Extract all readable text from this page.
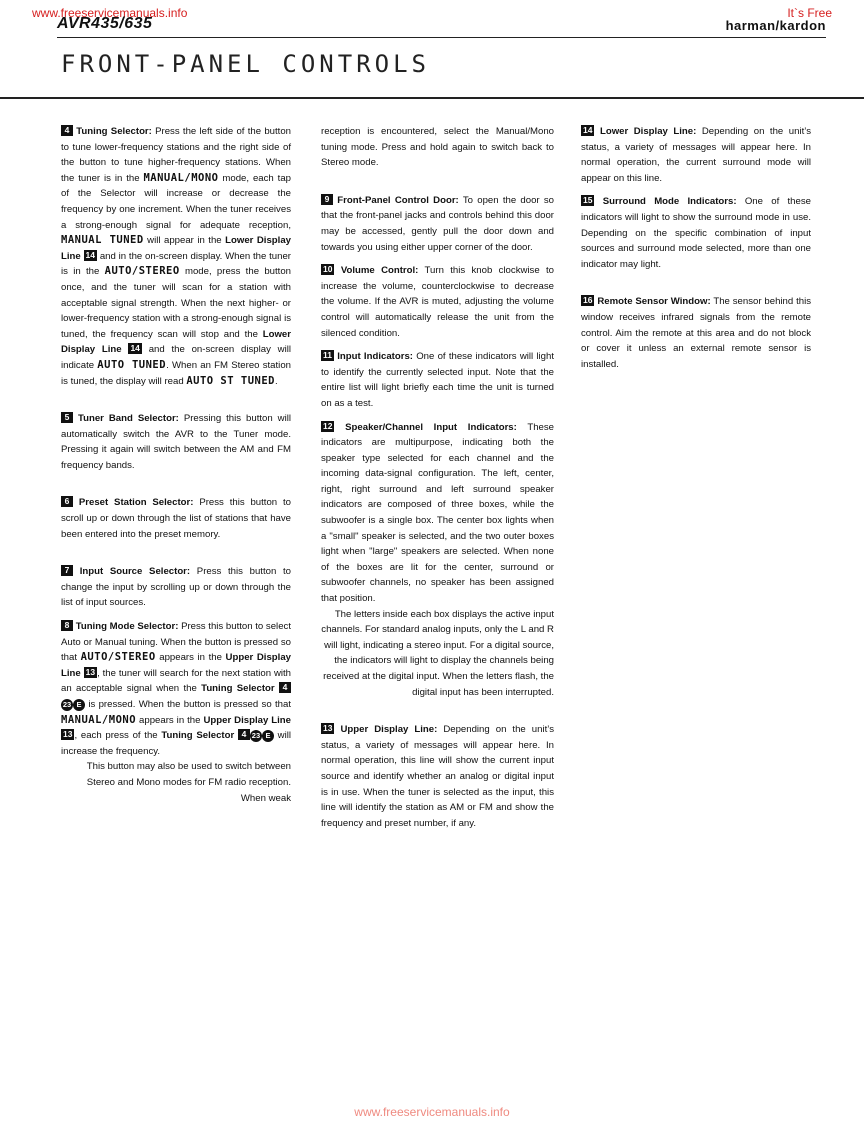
www.freeservicemanuals.info	It`s Free
AVR435/635	harman/kardon
FRONT-PANEL CONTROLS

4 Tuning Selector: Press the left side of the button to tune lower-frequency stations and the right side of the button to tune higher-frequency stations. When the tuner is in the MANUAL/MONO mode, each tap of the Selector will increase or decrease the frequency by one increment. When the tuner receives a strong-enough signal for adequate reception, MANUAL TUNED will appear in the Lower Display Line 14 and in the on-screen display. When the tuner is in the AUTO/STEREO mode, press the button once, and the tuner will scan for a station with acceptable signal strength. When the next higher- or lower-frequency station with a strong-enough signal is tuned, the frequency scan will stop and the Lower Display Line 14 and the on-screen display will indicate AUTO TUNED. When an FM Stereo station is tuned, the display will read AUTO ST TUNED.

5 Tuner Band Selector: Pressing this button will automatically switch the AVR to the Tuner mode. Pressing it again will switch between the AM and FM frequency bands.

6 Preset Station Selector: Press this button to scroll up or down through the list of stations that have been entered into the preset memory.

7 Input Source Selector: Press this button to change the input by scrolling up or down through the list of input sources.

8 Tuning Mode Selector: Press this button to select Auto or Manual tuning. When the button is pressed so that AUTO/STEREO appears in the Upper Display Line 13 , the tuner will search for the next station with an acceptable signal when the Tuning Selector 423 E is pressed. When the button is pressed so that MANUAL/MONO appears in the Upper Display Line 13 , each press of the Tuning Selector 4 23 E will increase the frequency.
This button may also be used to switch between Stereo and Mono modes for FM radio reception. When weak

reception is encountered, select the Manual/Mono tuning mode. Press and hold again to switch back to Stereo mode.

9 Front-Panel Control Door: To open the door so that the front-panel jacks and controls behind this door may be accessed, gently pull the door down and towards you using either upper corner of the door.

10 Volume Control: Turn this knob clockwise to increase the volume, counterclockwise to decrease the volume. If the AVR is muted, adjusting the volume control will automatically release the unit from the silenced condition.

11 Input Indicators: One of these indicators will light to identify the currently selected input. Note that the entire list will light briefly each time the unit is turned on as a test.

12 Speaker/Channel Input Indicators: These indicators are multipurpose, indicating both the speaker type selected for each channel and the incoming data-signal configuration. The left, center, right, right surround and left surround speaker indicators are composed of three boxes, while the subwoofer is a single box. The center box lights when a "small" speaker is selected, and the two outer boxes light when "large" speakers are selected. When none of the boxes are lit for the center, surround or subwoofer channels, no speaker has been assigned that position.
The letters inside each box displays the active input channels. For standard analog inputs, only the L and R will light, indicating a stereo input. For a digital source, the indicators will light to display the channels being received at the digital input. When the letters flash, the digital input has been interrupted.

13 Upper Display Line: Depending on the unit’s status, a variety of messages will appear here. In normal operation, this line will show the current input source and identify whether an analog or digital input is in use. When the tuner is selected as the input, this line will identify the station as AM or FM and show the frequency and preset number, if any.

14 Lower Display Line: Depending on the unit’s status, a variety of messages will appear here. In normal operation, the current surround mode will appear on this line.

15 Surround Mode Indicators: One of these indicators will light to show the surround mode in use. Depending on the specific combination of input sources and surround mode selected, more than one indicator may light.

16 Remote Sensor Window: The sensor behind this window receives infrared signals from the remote control. Aim the remote at this area and do not block or cover it unless an external remote sensor is installed.

www.freeservicemanuals.info
